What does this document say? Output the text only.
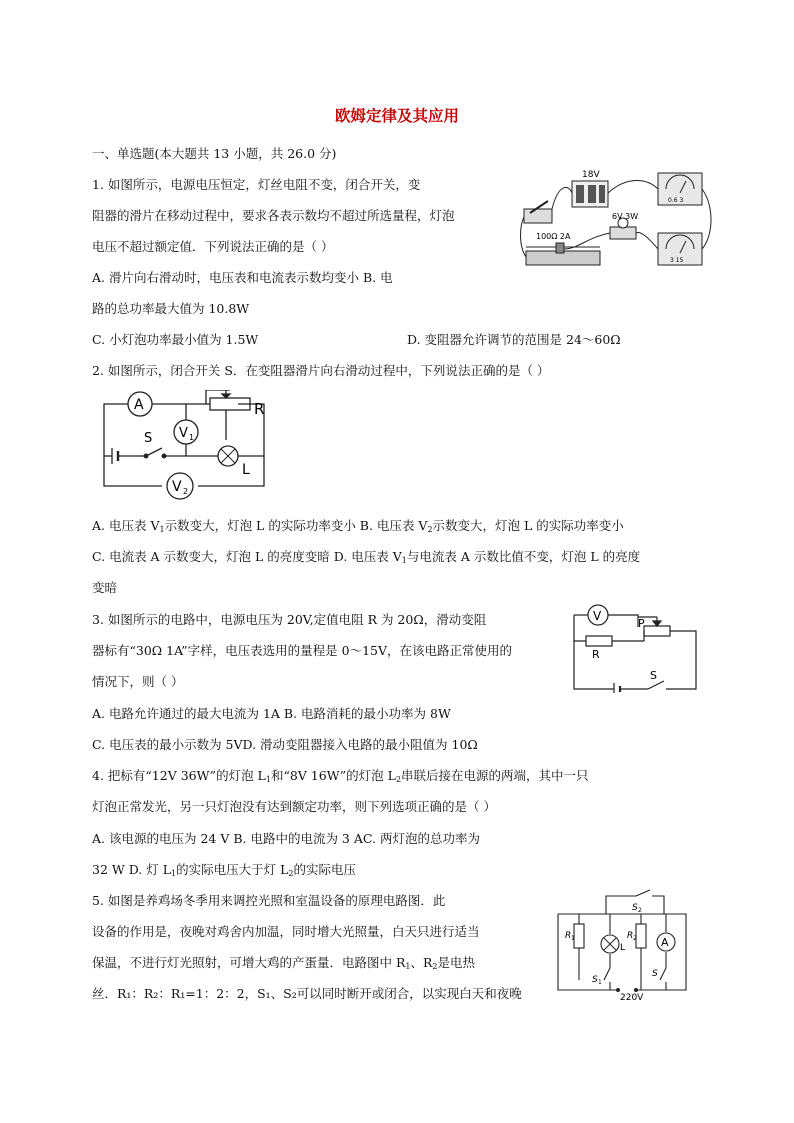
欧姆定律及其应用
一、单选题(本大题共 13 小题，共 26.0 分)
1. 如图所示，电源电压恒定，灯丝电阻不变，闭合开关，变
阻器的滑片在移动过程中，要求各表示数均不超过所选量程，灯泡
电压不超过额定值．下列说法正确的是（ ）
A. 滑片向右滑动时，电压表和电流表示数均变小 B. 电
路的总功率最大值为 10.8W
C. 小灯泡功率最小值为 1.5W	D. 变阻器允许调节的范围是 24～60Ω
18V
0.6 3
3 15
6V 3W
100Ω 2A
2. 如图所示，闭合开关 S．在变阻器滑片向右滑动过程中，下列说法正确的是（ ）
A
V 1
V 2
R
S
L
A. 电压表 $V_1$示数变大，灯泡 L 的实际功率变小 B. 电压表 $V_2$示数变大，灯泡 L 的实际功率变小
C. 电流表 A 示数变大，灯泡 L 的亮度变暗 D. 电压表 $V_1$与电流表 A 示数比值不变，灯泡 L 的亮度
变暗
3. 如图所示的电路中，电源电压为 20V,定值电阻 R 为 20Ω，滑动变阻
器标有“30Ω 1A”字样，电压表选用的量程是 0～15V，在该电路正常使用的
情况下，则（ ）
V
P
R
S
A. 电路允许通过的最大电流为 1A B. 电路消耗的最小功率为 8W
C. 电压表的最小示数为 5VD. 滑动变阻器接入电路的最小阻值为 10Ω
4. 把标有“12V 36W”的灯泡 $L_1$和“8V 16W”的灯泡 $L_2$串联后接在电源的两端，其中一只
灯泡正常发光，另一只灯泡没有达到额定功率，则下列选项正确的是（ ）
A. 该电源的电压为 24 V B. 电路中的电流为 3 AC. 两灯泡的总功率为
32 W D. 灯 $L_1$的实际电压大于灯 $L_2$的实际电压
5. 如图是养鸡场冬季用来调控光照和室温设备的原理电路图．此
设备的作用是，夜晚对鸡舍内加温，同时增大光照量，白天只进行适当
保温，不进行灯光照射，可增大鸡的产蛋量．电路图中 $R_1$、$R_2$是电热
丝．R₁：R₂：R₁=1：2：2，S₁、S₂可以同时断开或闭合，以实现白天和夜晚
A
S 2
R 1	R 2
L
S 1
S
220V
